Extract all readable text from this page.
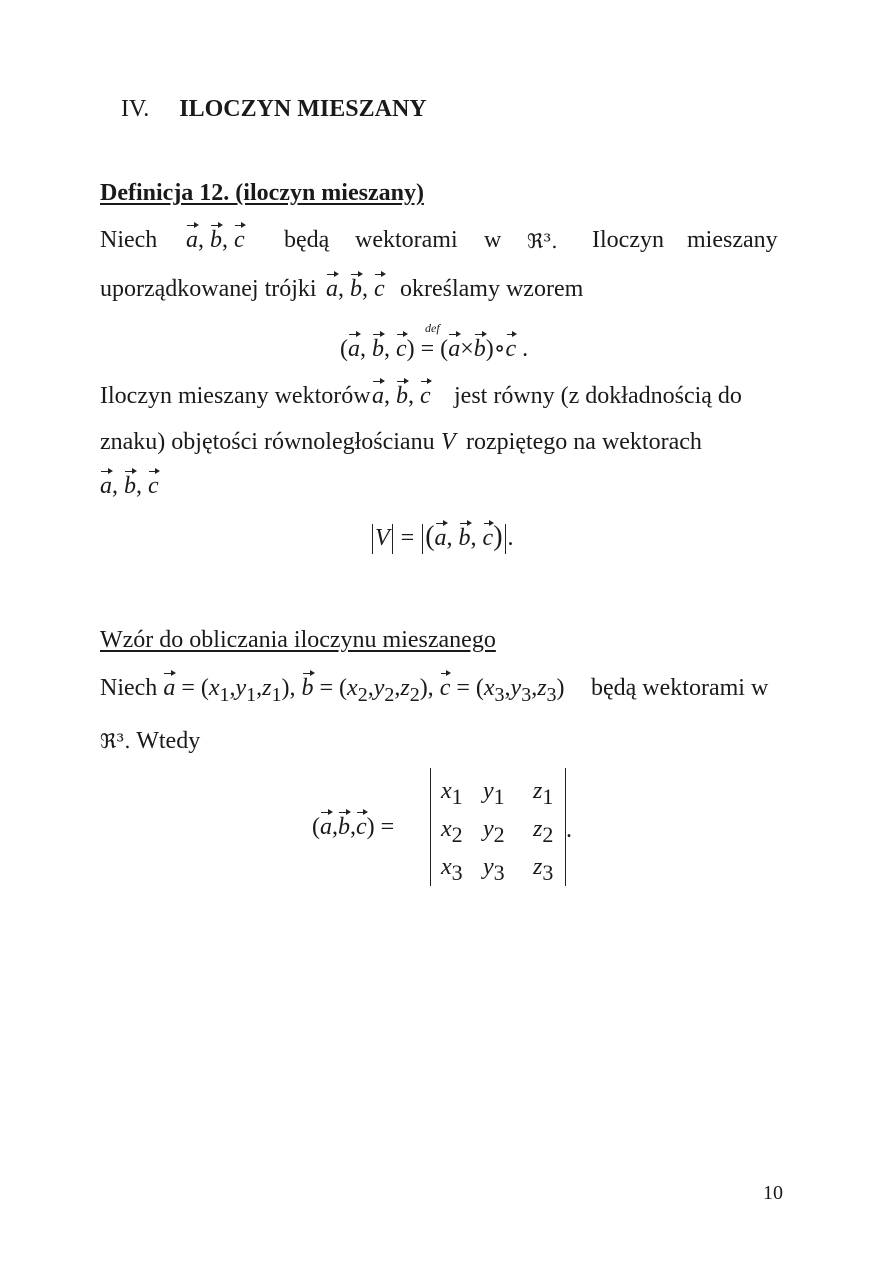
IV. ILOCZYN MIESZANY
Definicja 12. (iloczyn mieszany)
Niech a, b, c będą wektorami w ℜ³. Iloczyn mieszany
uporządkowanej trójki a, b, c określamy wzorem
(a, b, c) = (a×b)∘c .
def
Iloczyn mieszany wektorów a, b, c jest równy (z dokładnością do
znaku) objętości równoległościanu V rozpiętego na wektorach
a, b, c
V = (a, b, c) .
Wzór do obliczania iloczynu mieszanego
Niech $a = (x_1,y_1,z_1)$, $b = (x_2,y_2,z_2)$, $c = (x_3,y_3,z_3)$ będą wektorami w
ℜ³. Wtedy
(a,b,c) =
$x_1$ $y_1$ $z_1$
$x_2$ $y_2$ $z_2$
$x_3$ $y_3$ $z_3$
.
10
